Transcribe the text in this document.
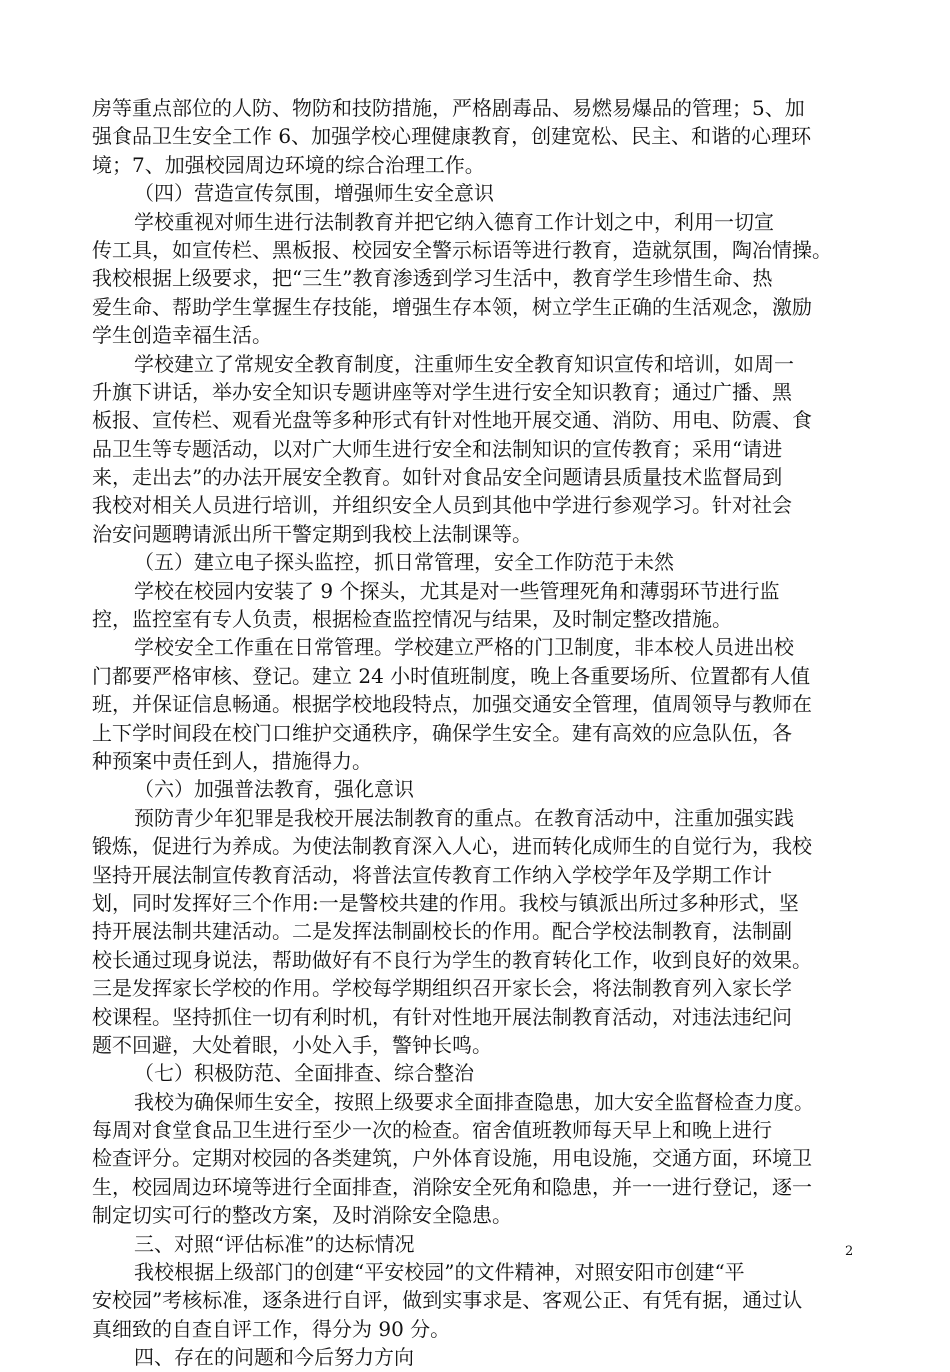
房等重点部位的人防、物防和技防措施，严格剧毒品、易燃易爆品的管理；5、加
强食品卫生安全工作 6、加强学校心理健康教育，创建宽松、民主、和谐的心理环
境；7、加强校园周边环境的综合治理工作。
（四）营造宣传氛围，增强师生安全意识
学校重视对师生进行法制教育并把它纳入德育工作计划之中，利用一切宣
传工具，如宣传栏、黑板报、校园安全警示标语等进行教育，造就氛围，陶冶情操。
我校根据上级要求，把“三生”教育渗透到学习生活中，教育学生珍惜生命、热
爱生命、帮助学生掌握生存技能，增强生存本领，树立学生正确的生活观念，激励
学生创造幸福生活。
学校建立了常规安全教育制度，注重师生安全教育知识宣传和培训，如周一
升旗下讲话，举办安全知识专题讲座等对学生进行安全知识教育；通过广播、黑
板报、宣传栏、观看光盘等多种形式有针对性地开展交通、消防、用电、防震、食
品卫生等专题活动，以对广大师生进行安全和法制知识的宣传教育；采用“请进
来，走出去”的办法开展安全教育。如针对食品安全问题请县质量技术监督局到
我校对相关人员进行培训，并组织安全人员到其他中学进行参观学习。针对社会
治安问题聘请派出所干警定期到我校上法制课等。
（五）建立电子探头监控，抓日常管理，安全工作防范于未然
学校在校园内安装了 9 个探头，尤其是对一些管理死角和薄弱环节进行监
控，监控室有专人负责，根据检查监控情况与结果，及时制定整改措施。
学校安全工作重在日常管理。学校建立严格的门卫制度，非本校人员进出校
门都要严格审核、登记。建立 24 小时值班制度，晚上各重要场所、位置都有人值
班，并保证信息畅通。根据学校地段特点，加强交通安全管理，值周领导与教师在
上下学时间段在校门口维护交通秩序，确保学生安全。建有高效的应急队伍，各
种预案中责任到人，措施得力。
（六）加强普法教育，强化意识
预防青少年犯罪是我校开展法制教育的重点。在教育活动中，注重加强实践
锻炼，促进行为养成。为使法制教育深入人心，进而转化成师生的自觉行为，我校
坚持开展法制宣传教育活动，将普法宣传教育工作纳入学校学年及学期工作计
划，同时发挥好三个作用:一是警校共建的作用。我校与镇派出所过多种形式，坚
持开展法制共建活动。二是发挥法制副校长的作用。配合学校法制教育，法制副
校长通过现身说法，帮助做好有不良行为学生的教育转化工作，收到良好的效果。
三是发挥家长学校的作用。学校每学期组织召开家长会，将法制教育列入家长学
校课程。坚持抓住一切有利时机，有针对性地开展法制教育活动，对违法违纪问
题不回避，大处着眼，小处入手，警钟长鸣。
（七）积极防范、全面排查、综合整治
我校为确保师生安全，按照上级要求全面排查隐患，加大安全监督检查力度。
每周对食堂食品卫生进行至少一次的检查。宿舍值班教师每天早上和晚上进行
检查评分。定期对校园的各类建筑，户外体育设施，用电设施，交通方面，环境卫
生，校园周边环境等进行全面排查，消除安全死角和隐患，并一一进行登记，逐一
制定切实可行的整改方案，及时消除安全隐患。
三、对照“评估标准”的达标情况
我校根据上级部门的创建“平安校园”的文件精神，对照安阳市创建“平
安校园”考核标准，逐条进行自评，做到实事求是、客观公正、有凭有据，通过认
真细致的自查自评工作，得分为 90 分。
四、存在的问题和今后努力方向
2
